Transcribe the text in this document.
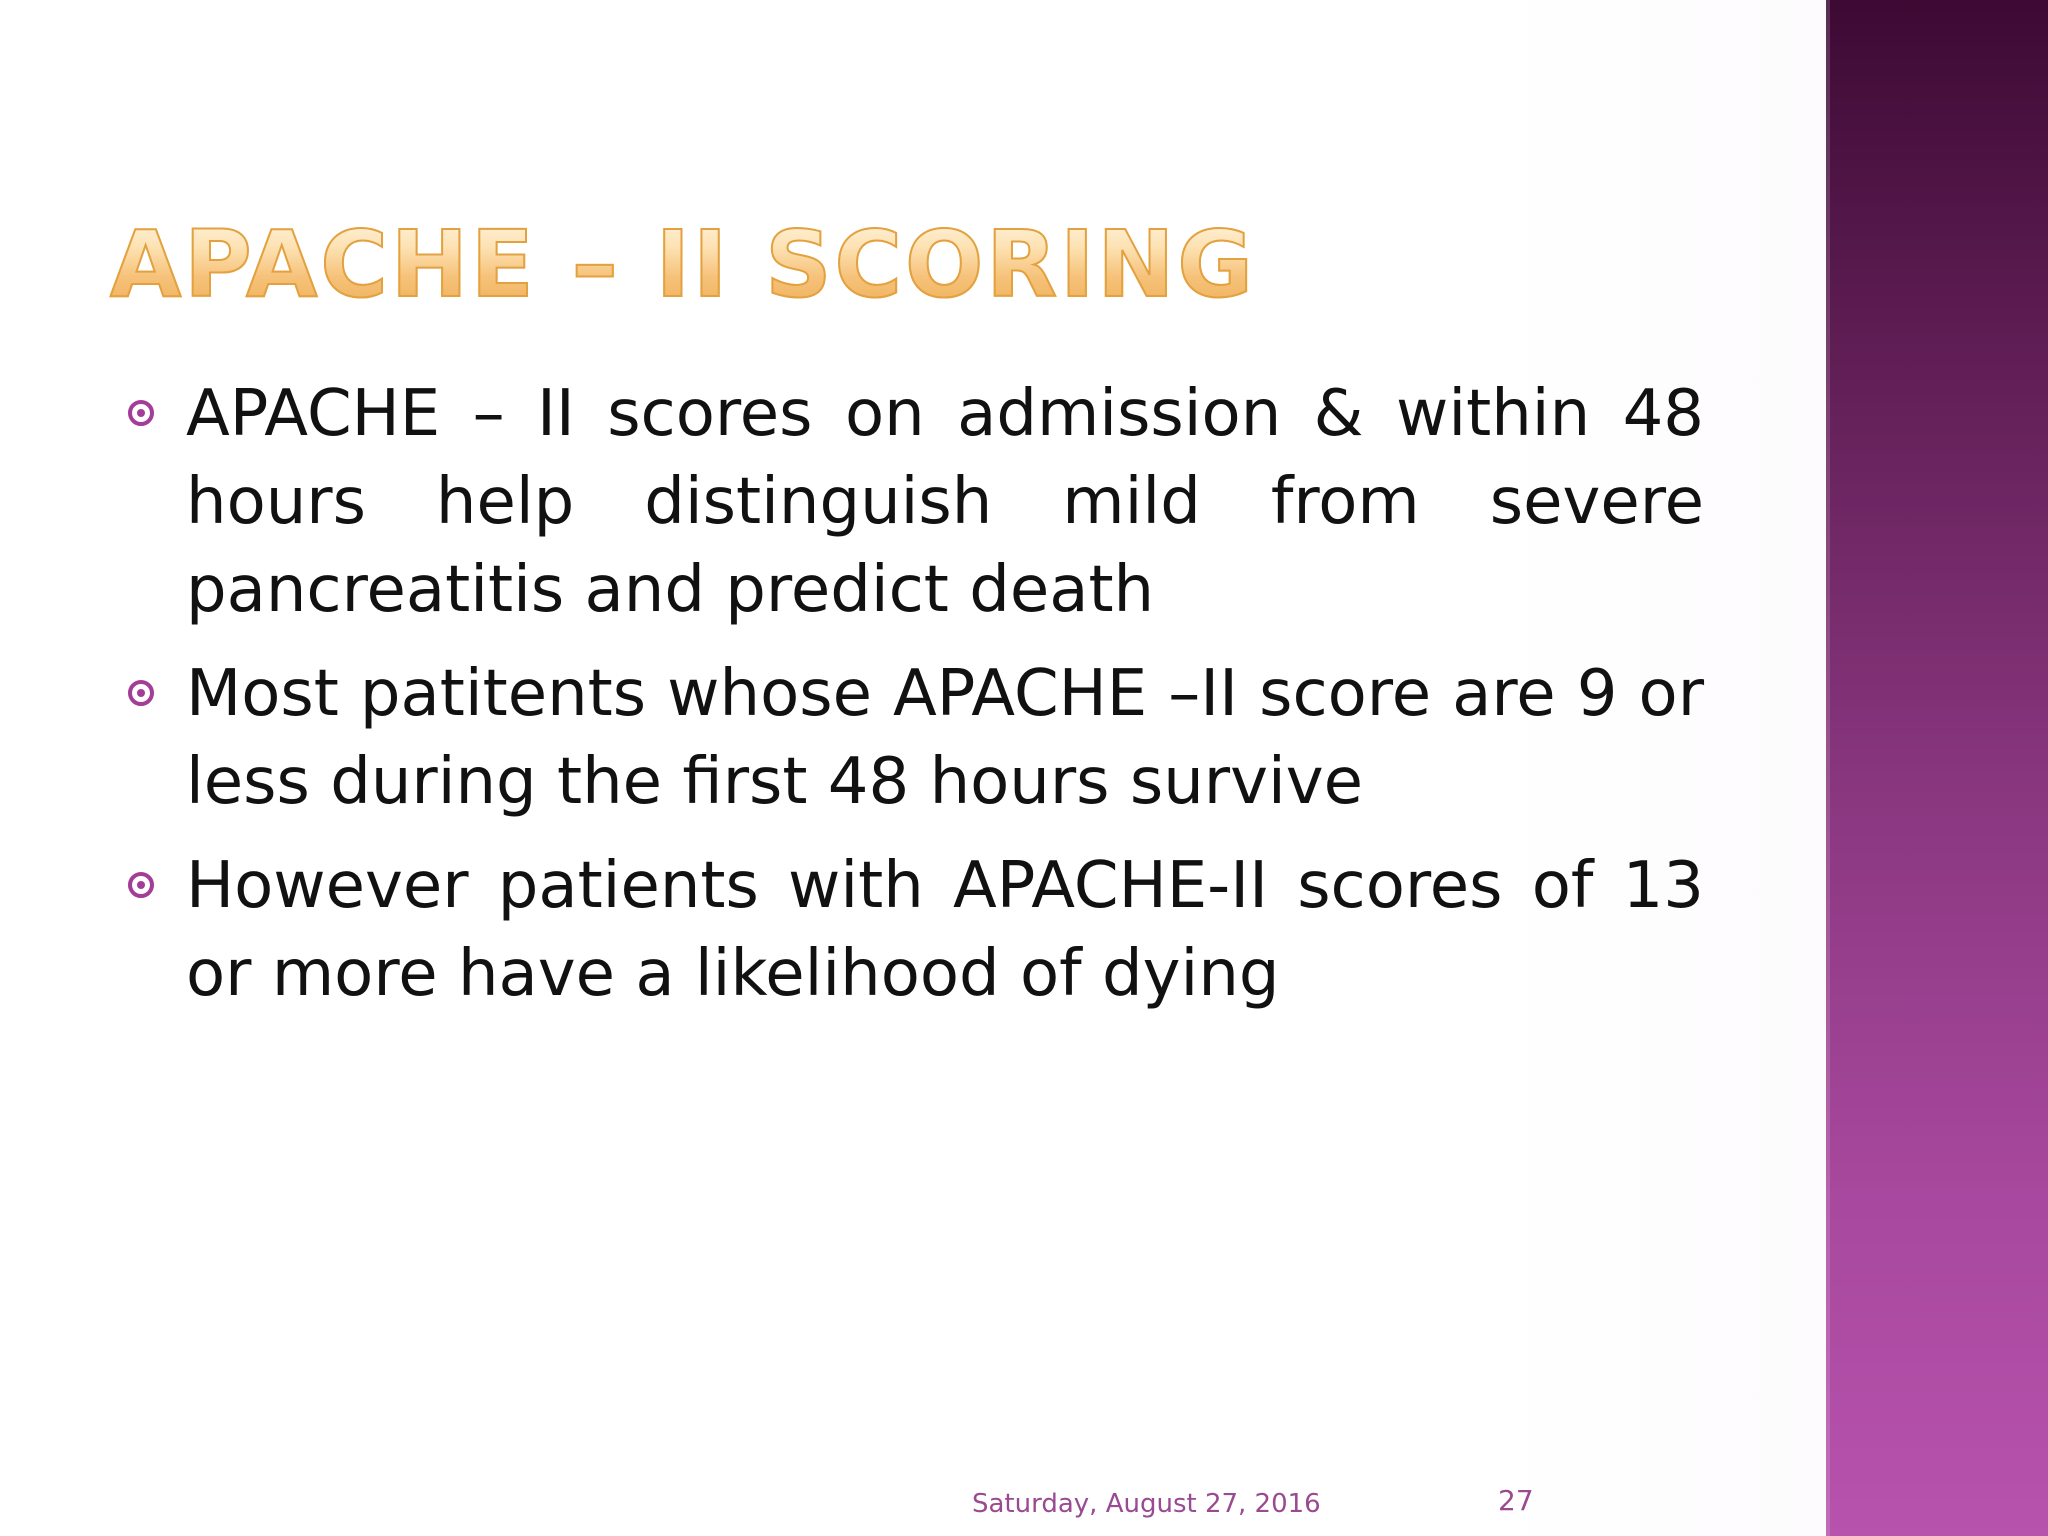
APACHE – II SCORING
APACHE – II scores on admission & within 48 hours help distinguish mild from severe pancreatitis and predict death
Most patitents whose APACHE –II score are 9 or less during the first 48 hours survive
However patients with APACHE-II scores of 13 or more have a likelihood of dying
Saturday, August 27, 2016	27
